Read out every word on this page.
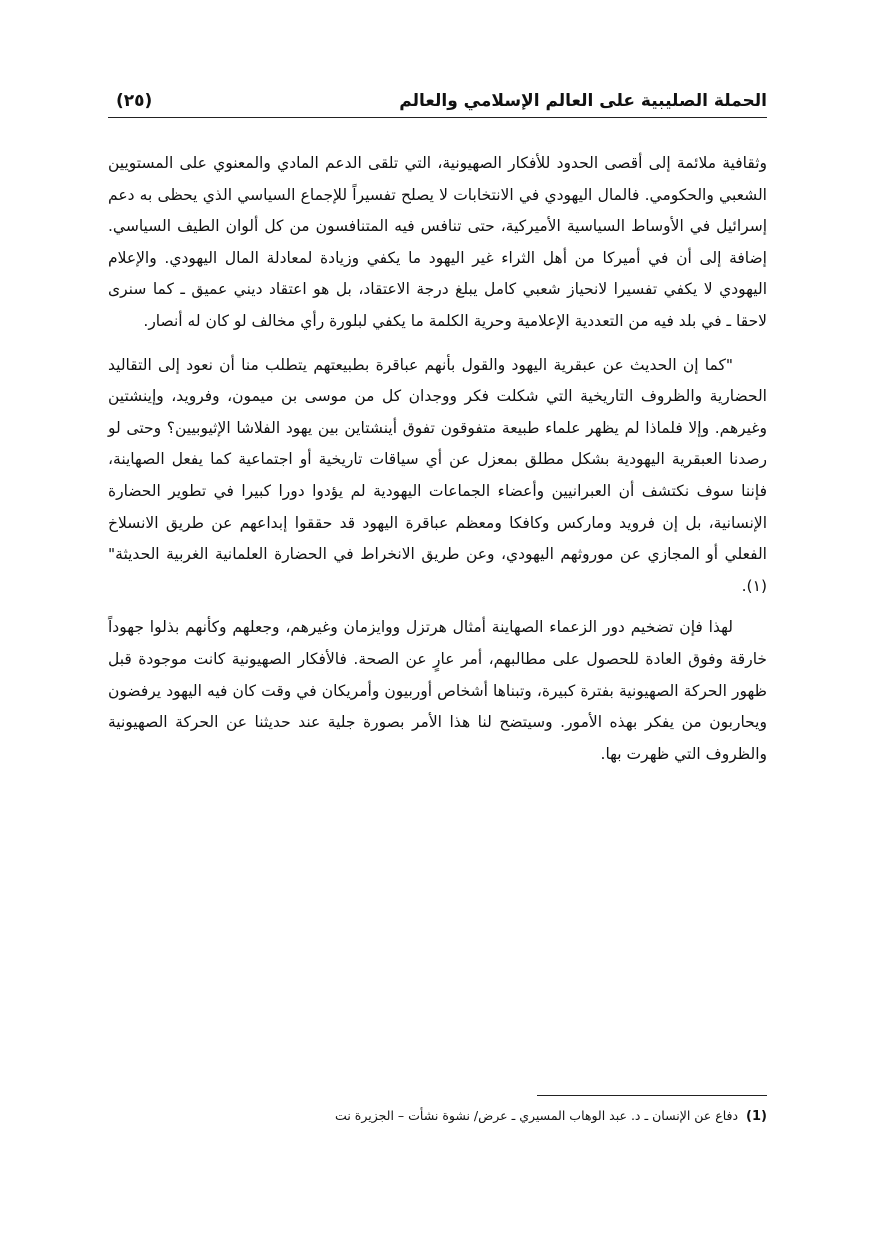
الحملة الصليبية على العالم الإسلامي والعالم
(٢٥)

وثقافية ملائمة إلى أقصى الحدود للأفكار الصهيونية، التي تلقى الدعم المادي والمعنوي على المستويين الشعبي والحكومي. فالمال اليهودي في الانتخابات لا يصلح تفسيراً للإجماع السياسي الذي يحظى به دعم إسرائيل في الأوساط السياسية الأميركية، حتى تنافس فيه المتنافسون من كل ألوان الطيف السياسي. إضافة إلى أن في أميركا من أهل الثراء غير اليهود ما يكفي وزيادة لمعادلة المال اليهودي. والإعلام اليهودي لا يكفي تفسيرا لانحياز شعبي كامل يبلغ درجة الاعتقاد، بل هو اعتقاد ديني عميق ـ كما سنرى لاحقا ـ في بلد فيه من التعددية الإعلامية وحرية الكلمة ما يكفي لبلورة رأي مخالف لو كان له أنصار.

"كما إن الحديث عن عبقرية اليهود والقول بأنهم عباقرة بطبيعتهم يتطلب منا أن نعود إلى التقاليد الحضارية والظروف التاريخية التي شكلت فكر ووجدان كل من موسى بن ميمون، وفرويد، وإينشتين وغيرهم. وإلا فلماذا لم يظهر علماء طبيعة متفوقون تفوق أينشتاين بين يهود الفلاشا الإثيوبيين؟ وحتى لو رصدنا العبقرية اليهودية بشكل مطلق بمعزل عن أي سياقات تاريخية أو اجتماعية كما يفعل الصهاينة، فإننا سوف نكتشف أن العبرانيين وأعضاء الجماعات اليهودية لم يؤدوا دورا كبيرا في تطوير الحضارة الإنسانية، بل إن فرويد وماركس وكافكا ومعظم عباقرة اليهود قد حققوا إبداعهم عن طريق الانسلاخ الفعلي أو المجازي عن موروثهم اليهودي، وعن طريق الانخراط في الحضارة العلمانية الغربية الحديثة"(١).

لهذا فإن تضخيم دور الزعماء الصهاينة أمثال هرتزل ووايزمان وغيرهم، وجعلهم وكأنهم بذلوا جهوداً خارقة وفوق العادة للحصول على مطالبهم، أمر عارٍ عن الصحة. فالأفكار الصهيونية كانت موجودة قبل ظهور الحركة الصهيونية بفترة كبيرة، وتبناها أشخاص أوربيون وأمريكان في وقت كان فيه اليهود يرفضون ويحاربون من يفكر بهذه الأمور. وسيتضح لنا هذا الأمر بصورة جلية عند حديثنا عن الحركة الصهيونية والظروف التي ظهرت بها.

(1) دفاع عن الإنسان ـ د. عبد الوهاب المسيري ـ عرض/ نشوة نشأت – الجزيرة نت
